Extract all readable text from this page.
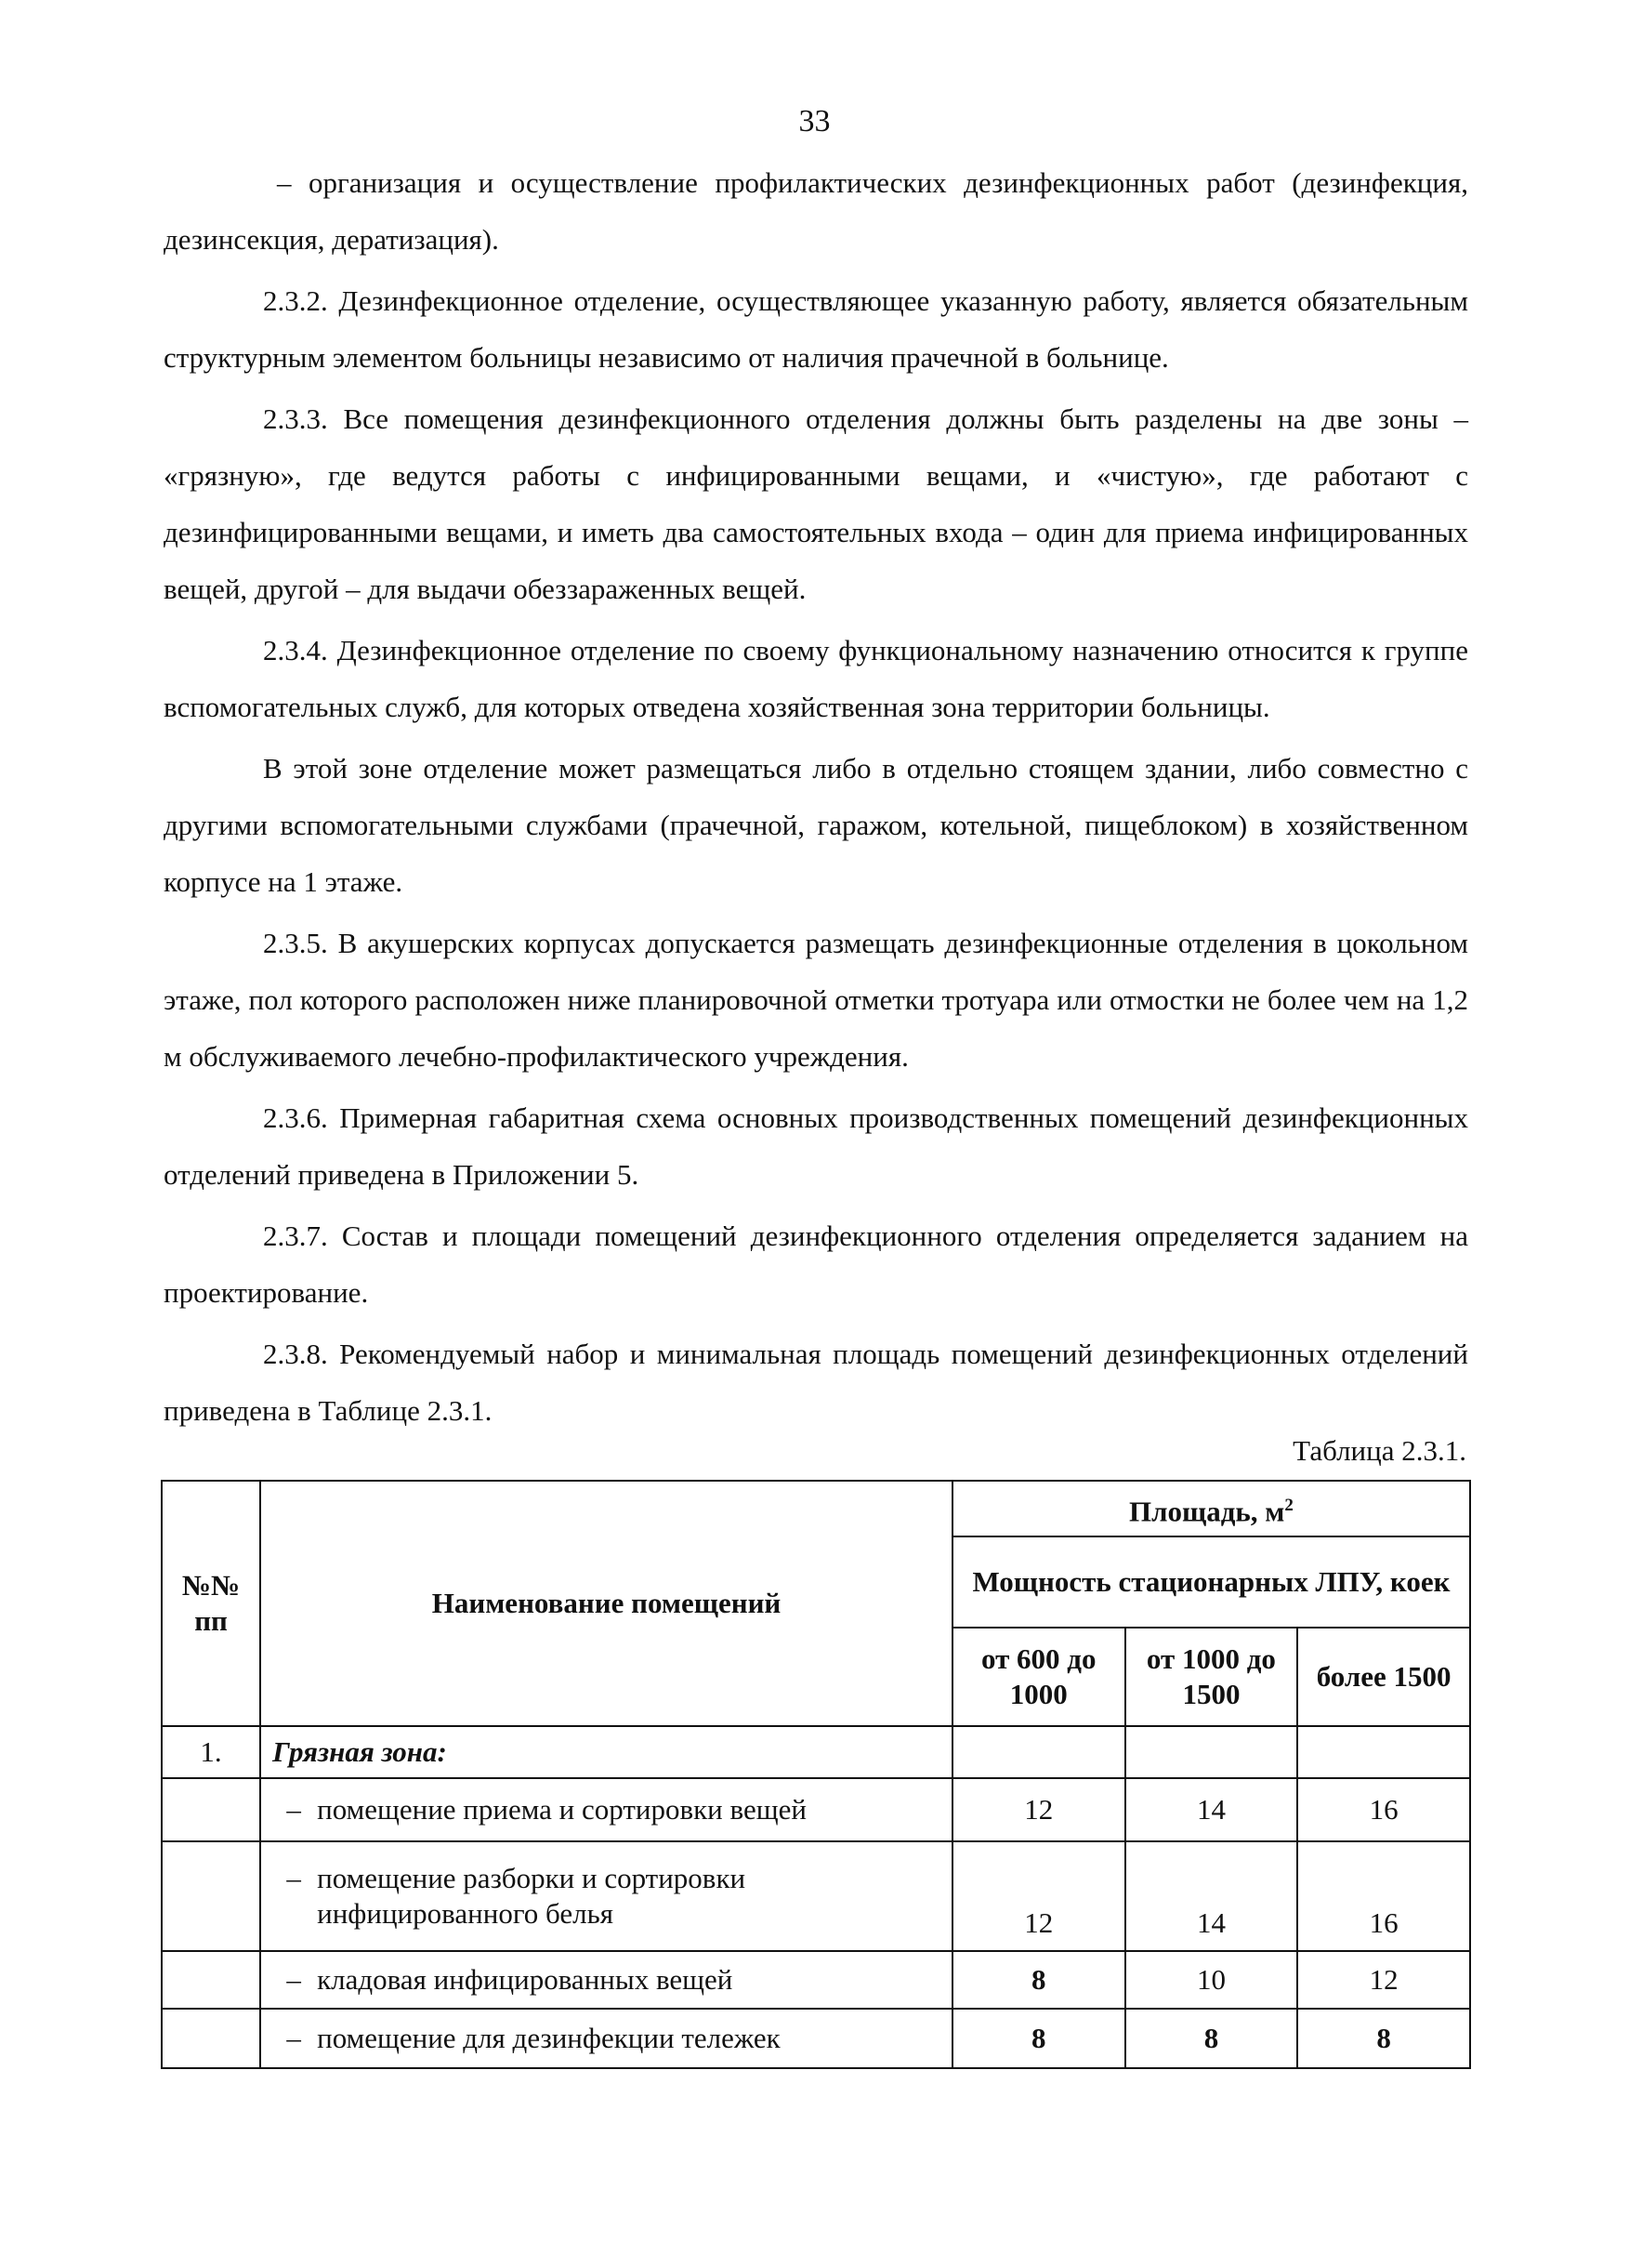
33

– организация и осуществление профилактических дезинфекционных работ (дезинфекция, дезинсекция, дератизация).

2.3.2. Дезинфекционное отделение, осуществляющее указанную работу, является обязательным структурным элементом больницы независимо от наличия прачечной в больнице.

2.3.3. Все помещения дезинфекционного отделения должны быть разделены на две зоны – «грязную», где ведутся работы с инфицированными вещами, и «чистую», где работают с дезинфицированными вещами, и иметь два самостоятельных входа – один для приема инфицированных вещей, другой – для выдачи обеззараженных вещей.

2.3.4. Дезинфекционное отделение по своему функциональному назначению относится к группе вспомогательных служб, для которых отведена хозяйственная зона территории больницы.

В этой зоне отделение может размещаться либо в отдельно стоящем здании, либо совместно с другими вспомогательными службами (прачечной, гаражом, котельной, пищеблоком) в хозяйственном корпусе на 1 этаже.

2.3.5. В акушерских корпусах допускается размещать дезинфекционные отделения в цокольном этаже, пол которого расположен ниже планировочной отметки тротуара или отмостки не более чем на 1,2 м обслуживаемого лечебно-профилактического учреждения.

2.3.6. Примерная габаритная схема основных производственных помещений дезинфекционных отделений приведена в Приложении 5.

2.3.7. Состав и площади помещений дезинфекционного отделения определяется заданием на проектирование.

2.3.8. Рекомендуемый набор и минимальная площадь помещений дезинфекционных отделений приведена в Таблице 2.3.1.

Таблица 2.3.1.
№№ пп	Наименование помещений	Площадь, $м^2$
		Мощность стационарных ЛПУ, коек		
		от 600 до 1000	от 1000 до 1500	более 1500
1.	Грязная зона:			

	– помещение приема и сортировки вещей	12	14	16

	– помещение разборки и сортировки инфицированного белья	12	14	16

	– кладовая инфицированных вещей	8	10	12

	– помещение для дезинфекции тележек	8	8	8
